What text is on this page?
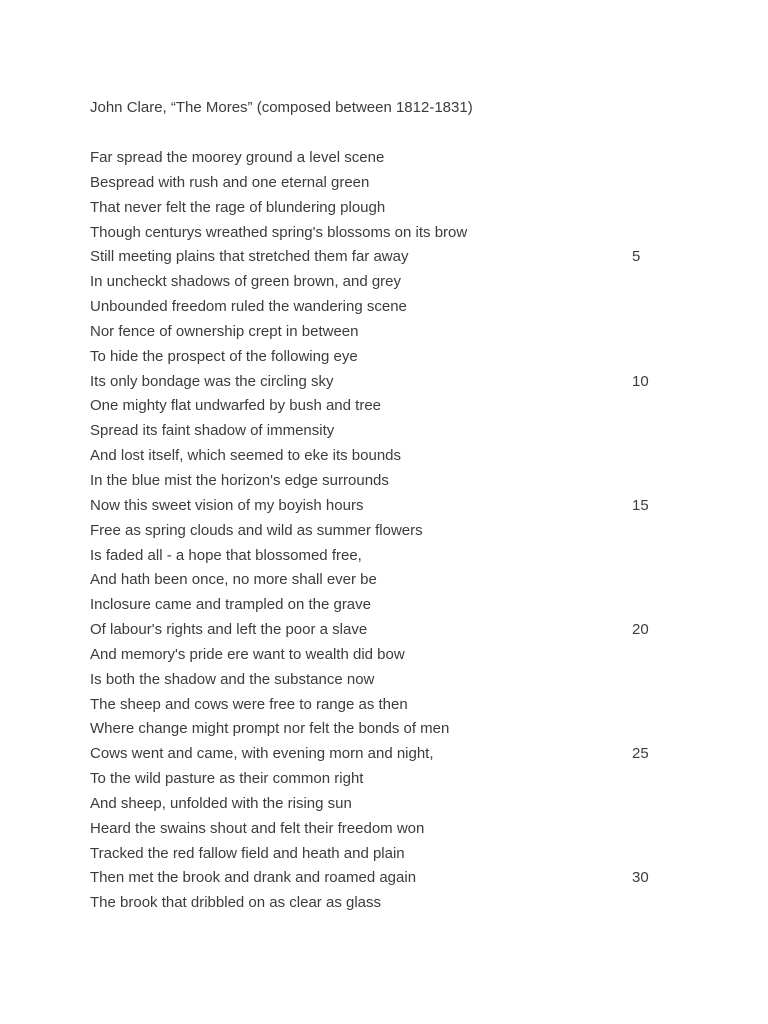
John Clare, “The Mores” (composed between 1812-1831)
Far spread the moorey ground a level scene
Bespread with rush and one eternal green
That never felt the rage of blundering plough
Though centurys wreathed spring's blossoms on its brow
Still meeting plains that stretched them far away	5
In uncheckt shadows of green brown, and grey
Unbounded freedom ruled the wandering scene
Nor fence of ownership crept in between
To hide the prospect of the following eye
Its only bondage was the circling sky	10
One mighty flat undwarfed by bush and tree
Spread its faint shadow of immensity
And lost itself, which seemed to eke its bounds
In the blue mist the horizon's edge surrounds
Now this sweet vision of my boyish hours	15
Free as spring clouds and wild as summer flowers
Is faded all - a hope that blossomed free,
And hath been once, no more shall ever be
Inclosure came and trampled on the grave
Of labour's rights and left the poor a slave	20
And memory's pride ere want to wealth did bow
Is both the shadow and the substance now
The sheep and cows were free to range as then
Where change might prompt nor felt the bonds of men
Cows went and came, with evening morn and night,	25
To the wild pasture as their common right
And sheep, unfolded with the rising sun
Heard the swains shout and felt their freedom won
Tracked the red fallow field and heath and plain
Then met the brook and drank and roamed again	30
The brook that dribbled on as clear as glass
